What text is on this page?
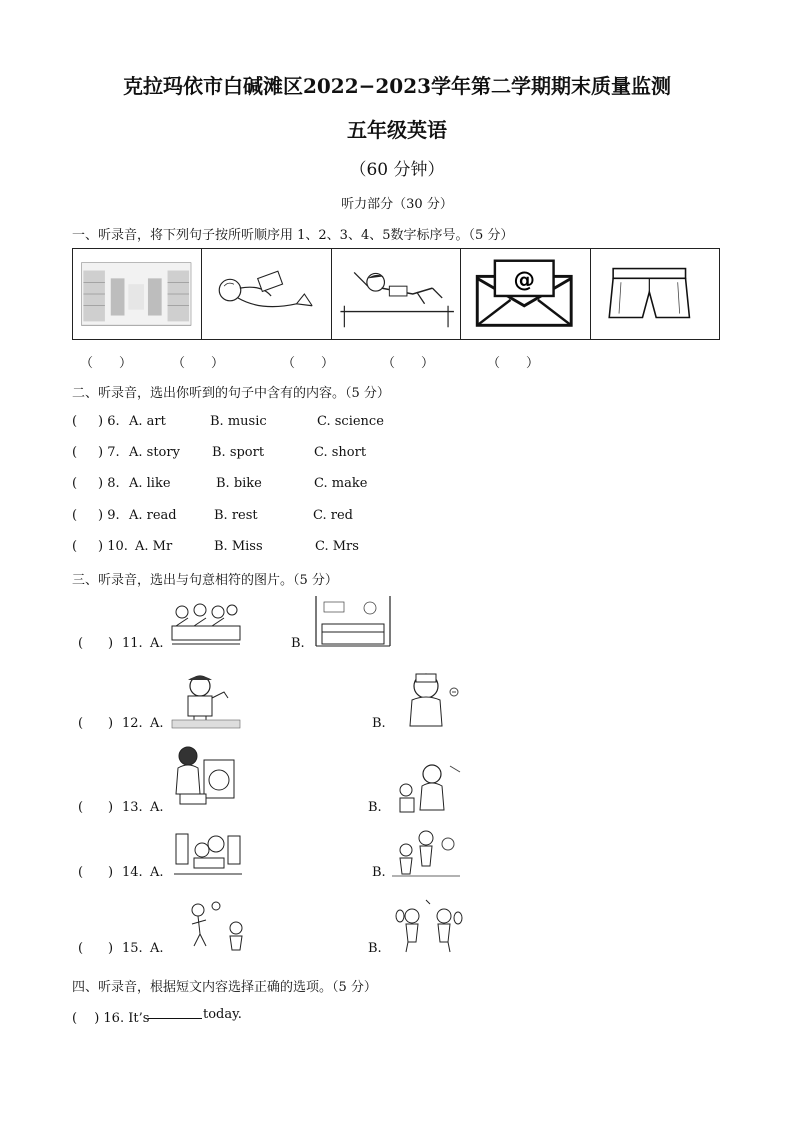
克拉玛依市白碱滩区2022−2023学年第二学期期末质量监测
五年级英语
（60 分钟）
听力部分（30 分）
一、听录音，将下列句子按所听顺序用 1、2、3、4、5数字标序号。（5 分）
@
（　　）	（　　）	（　　）	（　　）	（　　）
二、听录音，选出你听到的句子中含有的内容。（5 分）
( ) 6. A. art	B. music	C. science
( ) 7. A. story B. sport	C. short
( ) 8. A. like	B. bike	C. make
( ) 9. A. read	B. rest	C. red
( ) 10. A. Mr	B. Miss	C. Mrs
三、听录音，选出与句意相符的图片。（5 分）
( ) 11. A.	B.
( ) 12. A.	B.
( ) 13. A.	B.
( ) 14. A.	B.
( ) 15. A.	B.
四、听录音，根据短文内容选择正确的选项。（5 分）
(　 ) 16. It’s	today.
